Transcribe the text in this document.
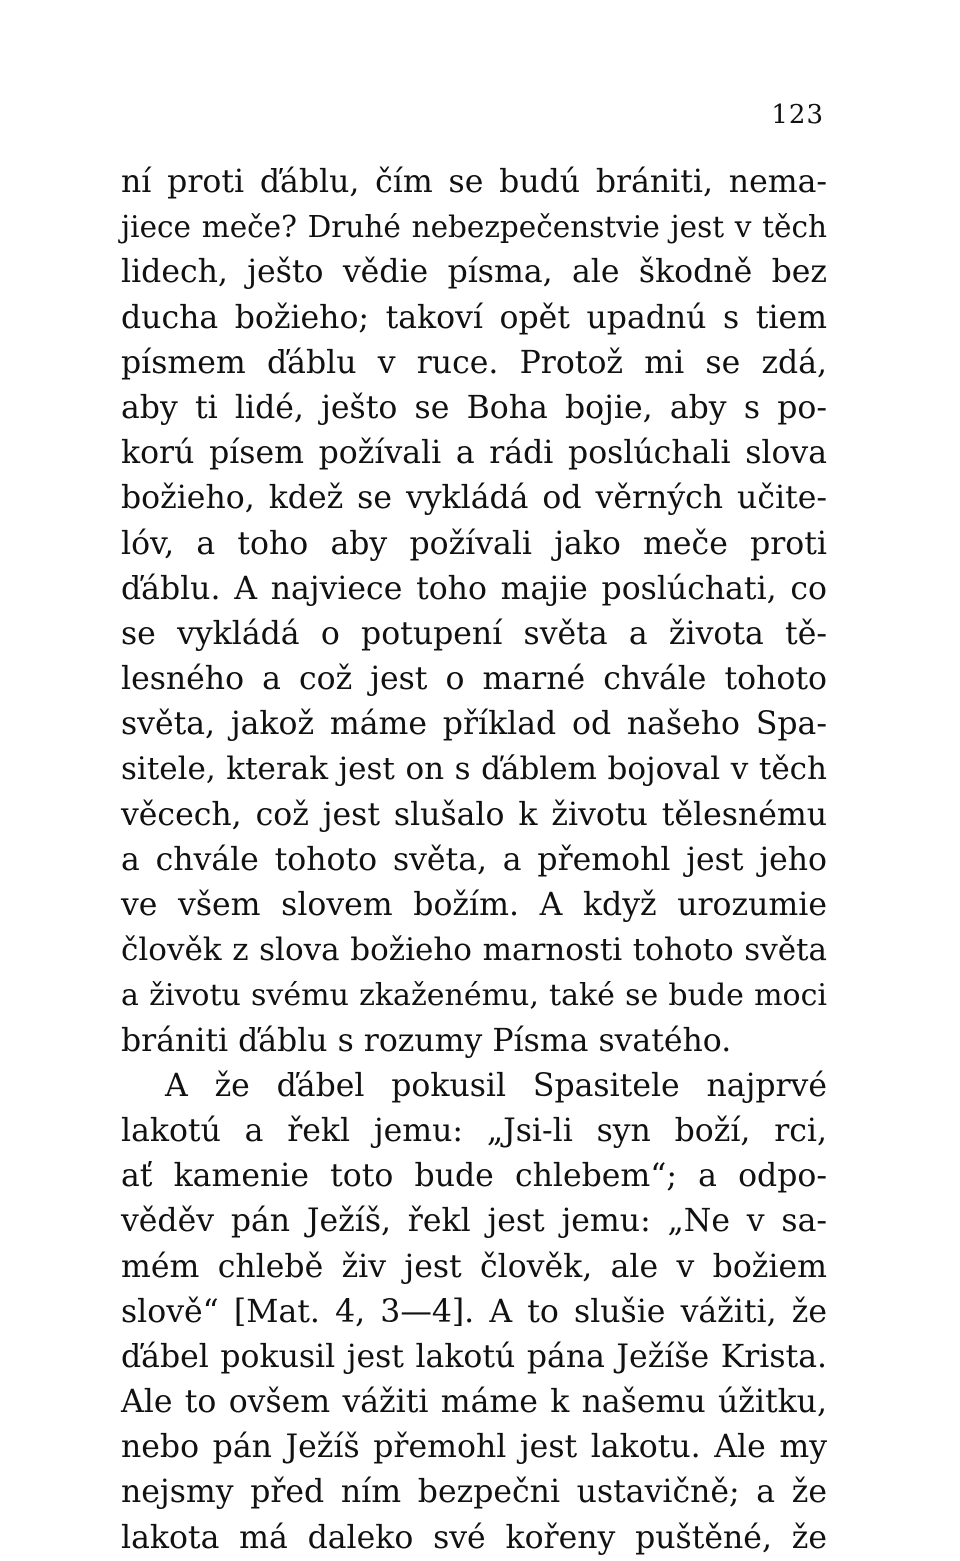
123
ní proti ďáblu, čím se budú brániti, nema-
jiece meče? Druhé nebezpečenstvie jest v těch
lidech, ješto vědie písma, ale škodně bez
ducha božieho; takoví opět upadnú s tiem
písmem ďáblu v ruce. Protož mi se zdá,
aby ti lidé, ješto se Boha bojie, aby s po-
korú písem požívali a rádi poslúchali slova
božieho, kdež se vykládá od věrných učite-
lóv, a toho aby požívali jako meče proti
ďáblu. A najviece toho majie poslúchati, co
se vykládá o potupení světa a života tě-
lesného a což jest o marné chvále tohoto
světa, jakož máme příklad od našeho Spa-
sitele, kterak jest on s ďáblem bojoval v těch
věcech, což jest slušalo k životu tělesnému
a chvále tohoto světa, a přemohl jest jeho
ve všem slovem božím. A když urozumie
člověk z slova božieho marnosti tohoto světa
a životu svému zkaženému, také se bude moci
brániti ďáblu s rozumy Písma svatého.
A že ďábel pokusil Spasitele najprvé
lakotú a řekl jemu: „Jsi-li syn boží, rci,
ať kamenie toto bude chlebem“; a odpo-
věděv pán Ježíš, řekl jest jemu: „Ne v sa-
mém chlebě živ jest člověk, ale v božiem
slově“ [Mat. 4, 3—4]. A to slušie vážiti, že
ďábel pokusil jest lakotú pána Ježíše Krista.
Ale to ovšem vážiti máme k našemu úžitku,
nebo pán Ježíš přemohl jest lakotu. Ale my
nejsmy před ním bezpečni ustavičně; a že
lakota má daleko své kořeny puštěné, že
